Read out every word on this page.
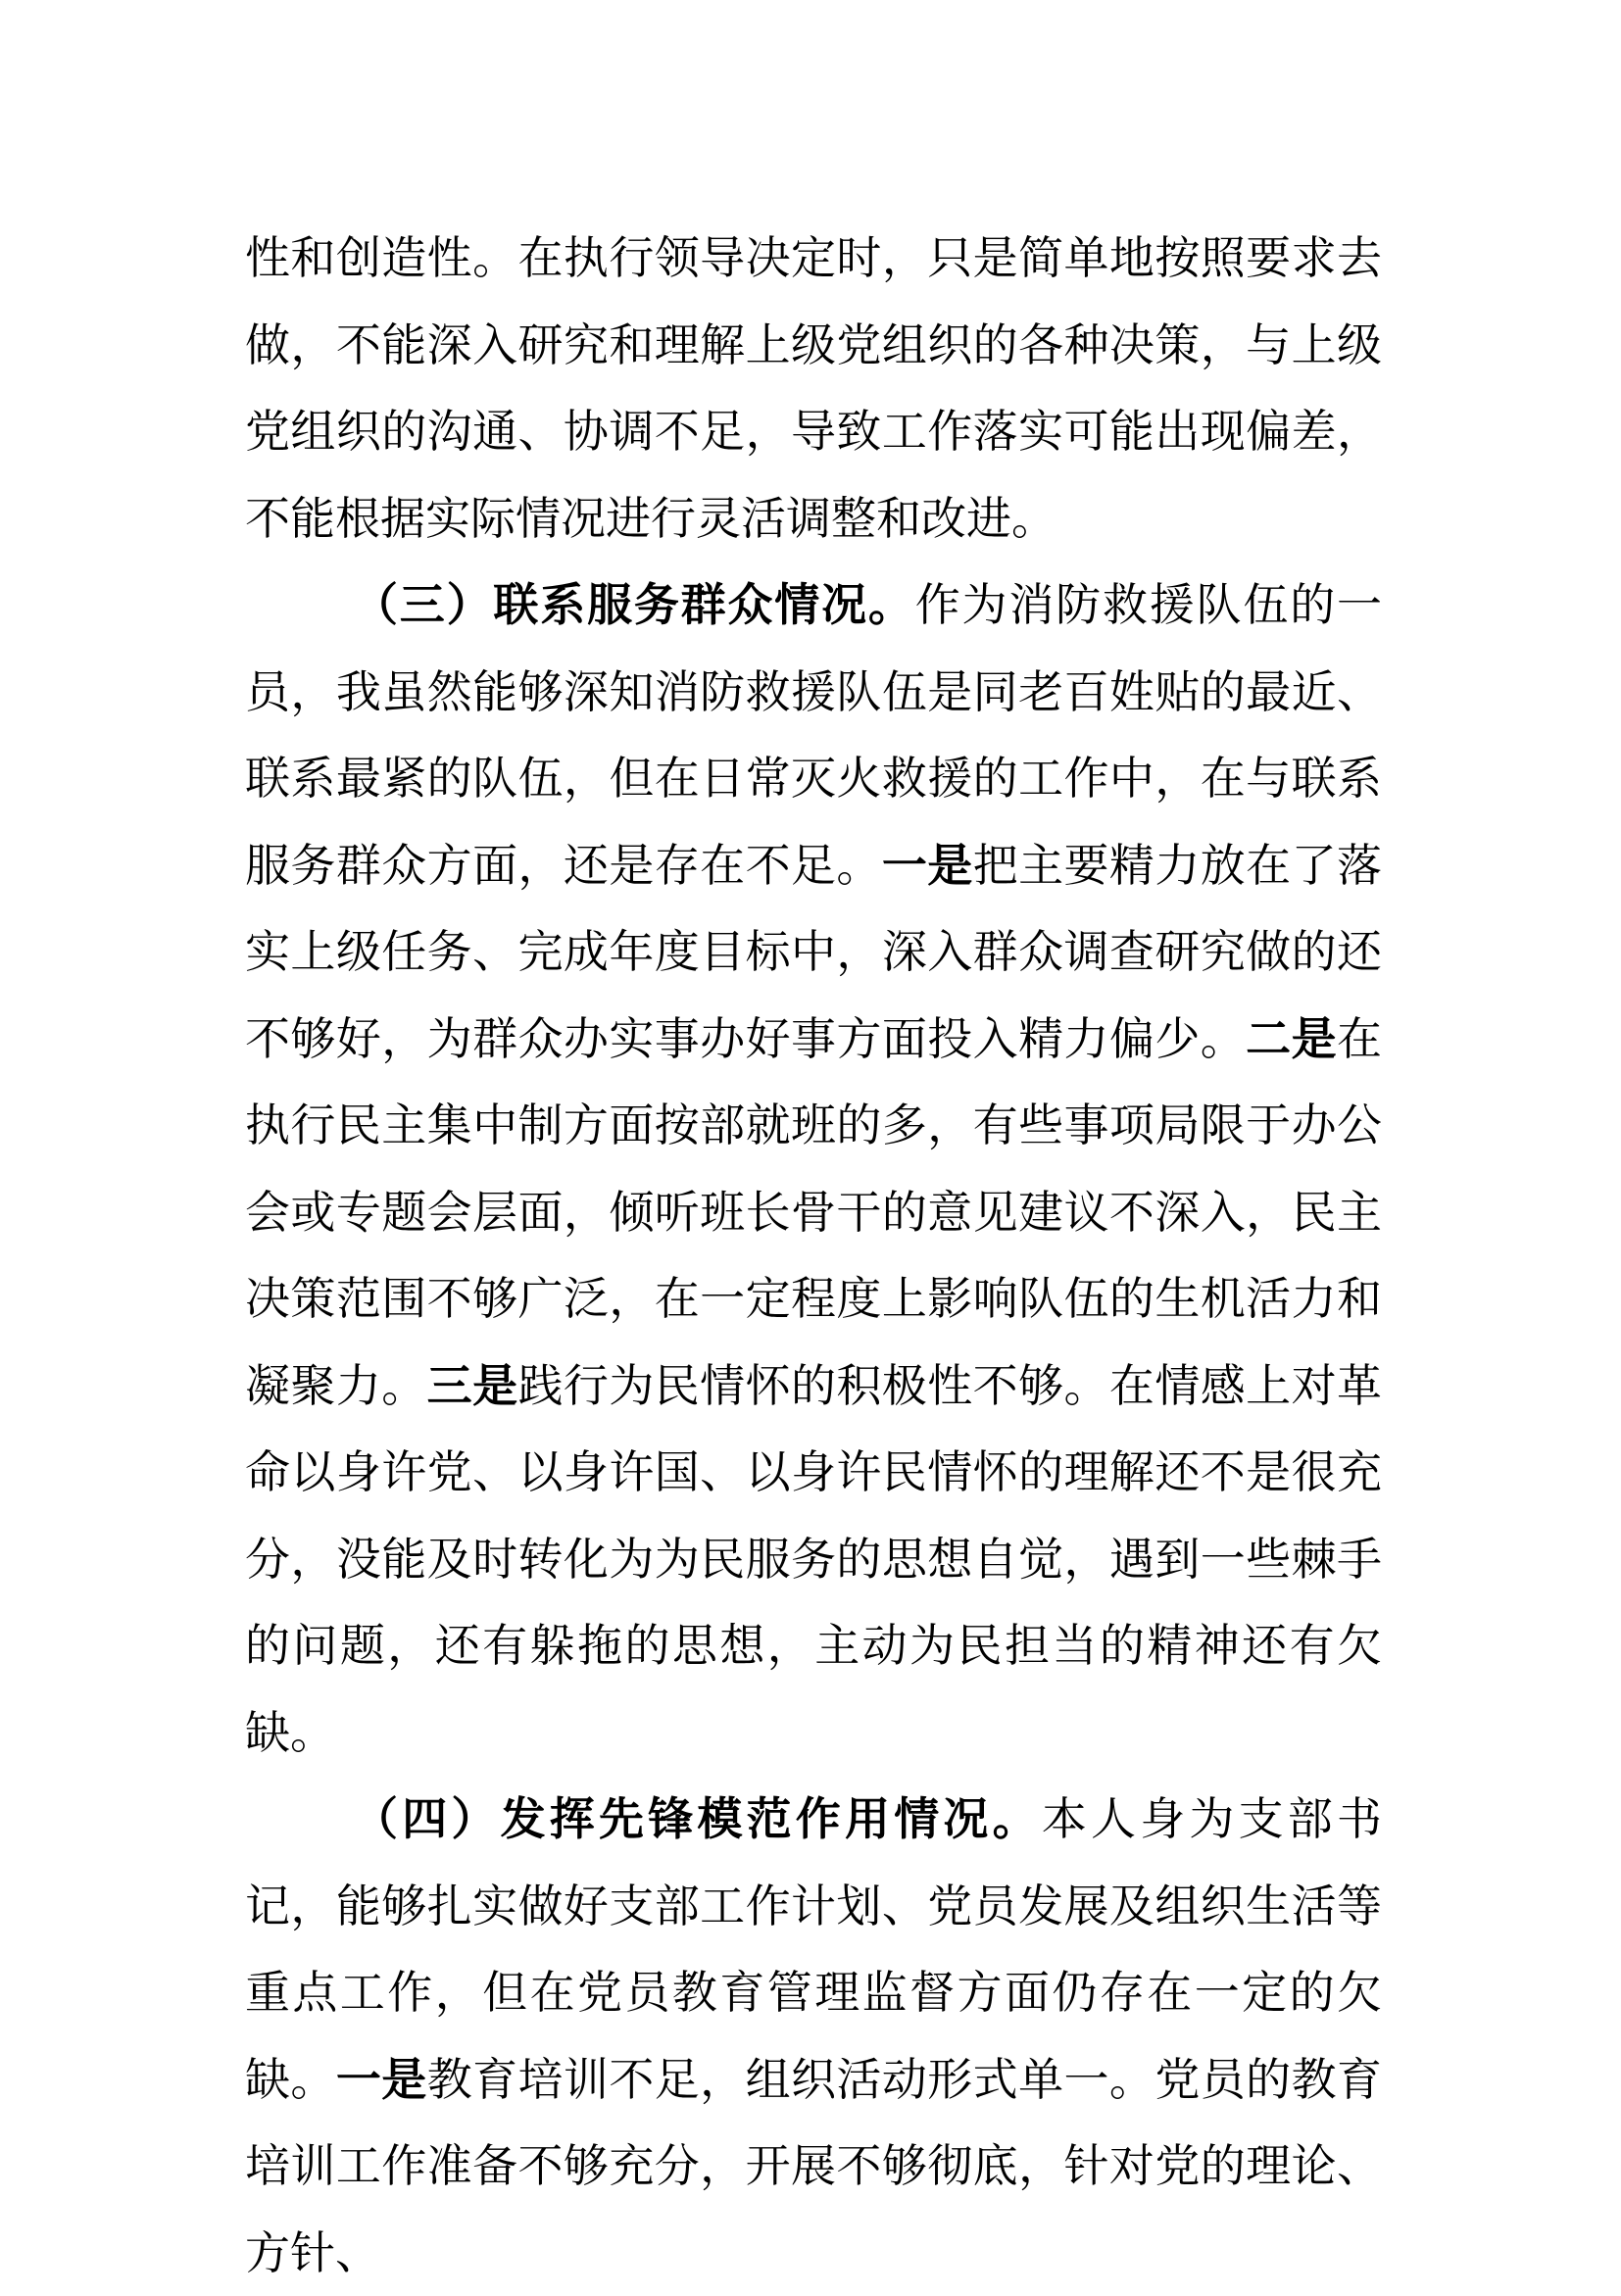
性和创造性。在执行领导决定时，只是简单地按照要求去做，不能深入研究和理解上级党组织的各种决策，与上级党组织的沟通、协调不足，导致工作落实可能出现偏差，不能根据实际情况进行灵活调整和改进。

（三）联系服务群众情况。作为消防救援队伍的一员，我虽然能够深知消防救援队伍是同老百姓贴的最近、联系最紧的队伍，但在日常灭火救援的工作中，在与联系服务群众方面，还是存在不足。一是把主要精力放在了落实上级任务、完成年度目标中，深入群众调查研究做的还不够好，为群众办实事办好事方面投入精力偏少。二是在执行民主集中制方面按部就班的多，有些事项局限于办公会或专题会层面，倾听班长骨干的意见建议不深入，民主决策范围不够广泛，在一定程度上影响队伍的生机活力和凝聚力。三是践行为民情怀的积极性不够。在情感上对革命以身许党、以身许国、以身许民情怀的理解还不是很充分，没能及时转化为为民服务的思想自觉，遇到一些棘手的问题，还有躲拖的思想，主动为民担当的精神还有欠缺。

（四）发挥先锋模范作用情况。本人身为支部书记，能够扎实做好支部工作计划、党员发展及组织生活等重点工作，但在党员教育管理监督方面仍存在一定的欠缺。一是教育培训不足，组织活动形式单一。党员的教育培训工作准备不够充分，开展不够彻底，针对党的理论、方针、
